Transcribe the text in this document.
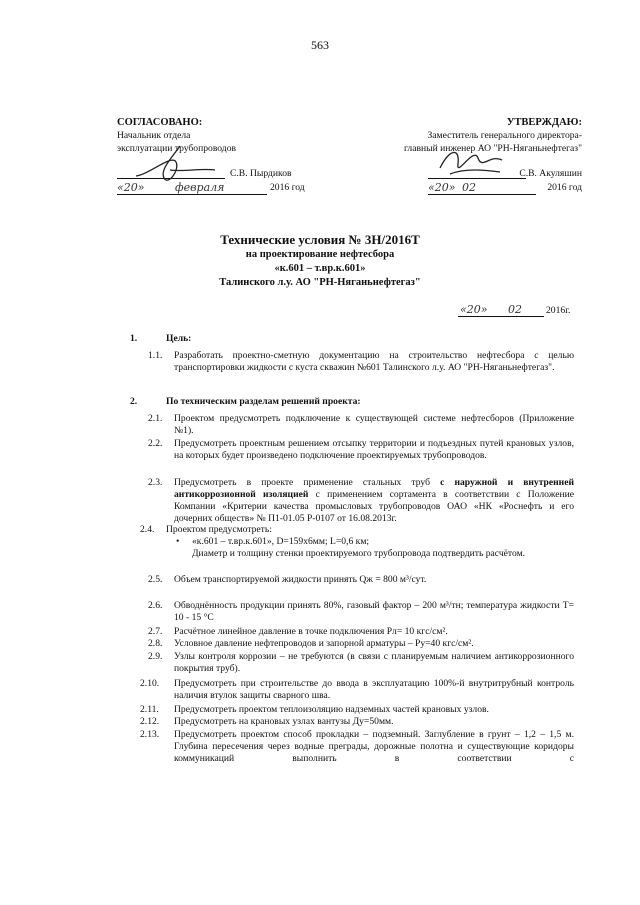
563
СОГЛАСОВАНО:
Начальник отдела
эксплуатации трубопроводов
С.В. Пырдиков
«20»	февраля	2016 год
УТВЕРЖДАЮ:
Заместитель генерального директора-
главный инженер АО "РН-Няганьнефтегаз"
С.В. Акуляшин
«20» 02	2016 год
Технические условия № 3Н/2016Т
на проектирование нефтесбора
«к.601 – т.вр.к.601»
Талинского л.у. АО "РН-Няганьнефтегаз"
«20» 02	2016г.
1.	Цель:
1.1. Разработать проектно-сметную документацию на строительство нефтесбора с целью транспортировки жидкости с куста скважин №601 Талинского л.у. АО "РН-Няганьнефтегаз".
2.	По техническим разделам решений проекта:
2.1. Проектом предусмотреть подключение к существующей системе нефтесборов (Приложение №1).
2.2. Предусмотреть проектным решением отсыпку территории и подъездных путей крановых узлов, на которых будет произведено подключение проектируемых трубопроводов.
2.3. Предусмотреть в проекте применение стальных труб с наружной и внутренней антикоррозионной изоляцией с применением сортамента в соответствии с Положение Компании «Критерии качества промысловых трубопроводов ОАО «НК «Роснефть и его дочерних обществ» № П1-01.05 Р-0107 от 16.08.2013г.
2.4. Проектом предусмотреть:
• «к.601 – т.вр.к.601», D=159х6мм; L=0,6 км;
Диаметр и толщину стенки проектируемого трубопровода подтвердить расчётом.
2.5. Объем транспортируемой жидкости принять Qж = 800 м³/сут.
2.6. Обводнённость продукции принять 80%, газовый фактор – 200 м³/тн; температура жидкости Т= 10 - 15 °С
2.7. Расчётное линейное давление в точке подключения Рл= 10 кгс/см².
2.8. Условное давление нефтепроводов и запорной арматуры – Ру=40 кгс/см².
2.9. Узлы контроля коррозии – не требуются (в связи с планируемым наличием антикоррозионного покрытия труб).
2.10. Предусмотреть при строительстве до ввода в эксплуатацию 100%-й внутритрубный контроль наличия втулок защиты сварного шва.
2.11. Предусмотреть проектом теплоизоляцию надземных частей крановых узлов.
2.12. Предусмотреть на крановых узлах вантузы Ду=50мм.
2.13. Предусмотреть проектом способ прокладки – подземный. Заглубление в грунт – 1,2 – 1,5 м. Глубина пересечения через водные преграды, дорожные полотна и существующие коридоры коммуникаций выполнить в соответствии с
